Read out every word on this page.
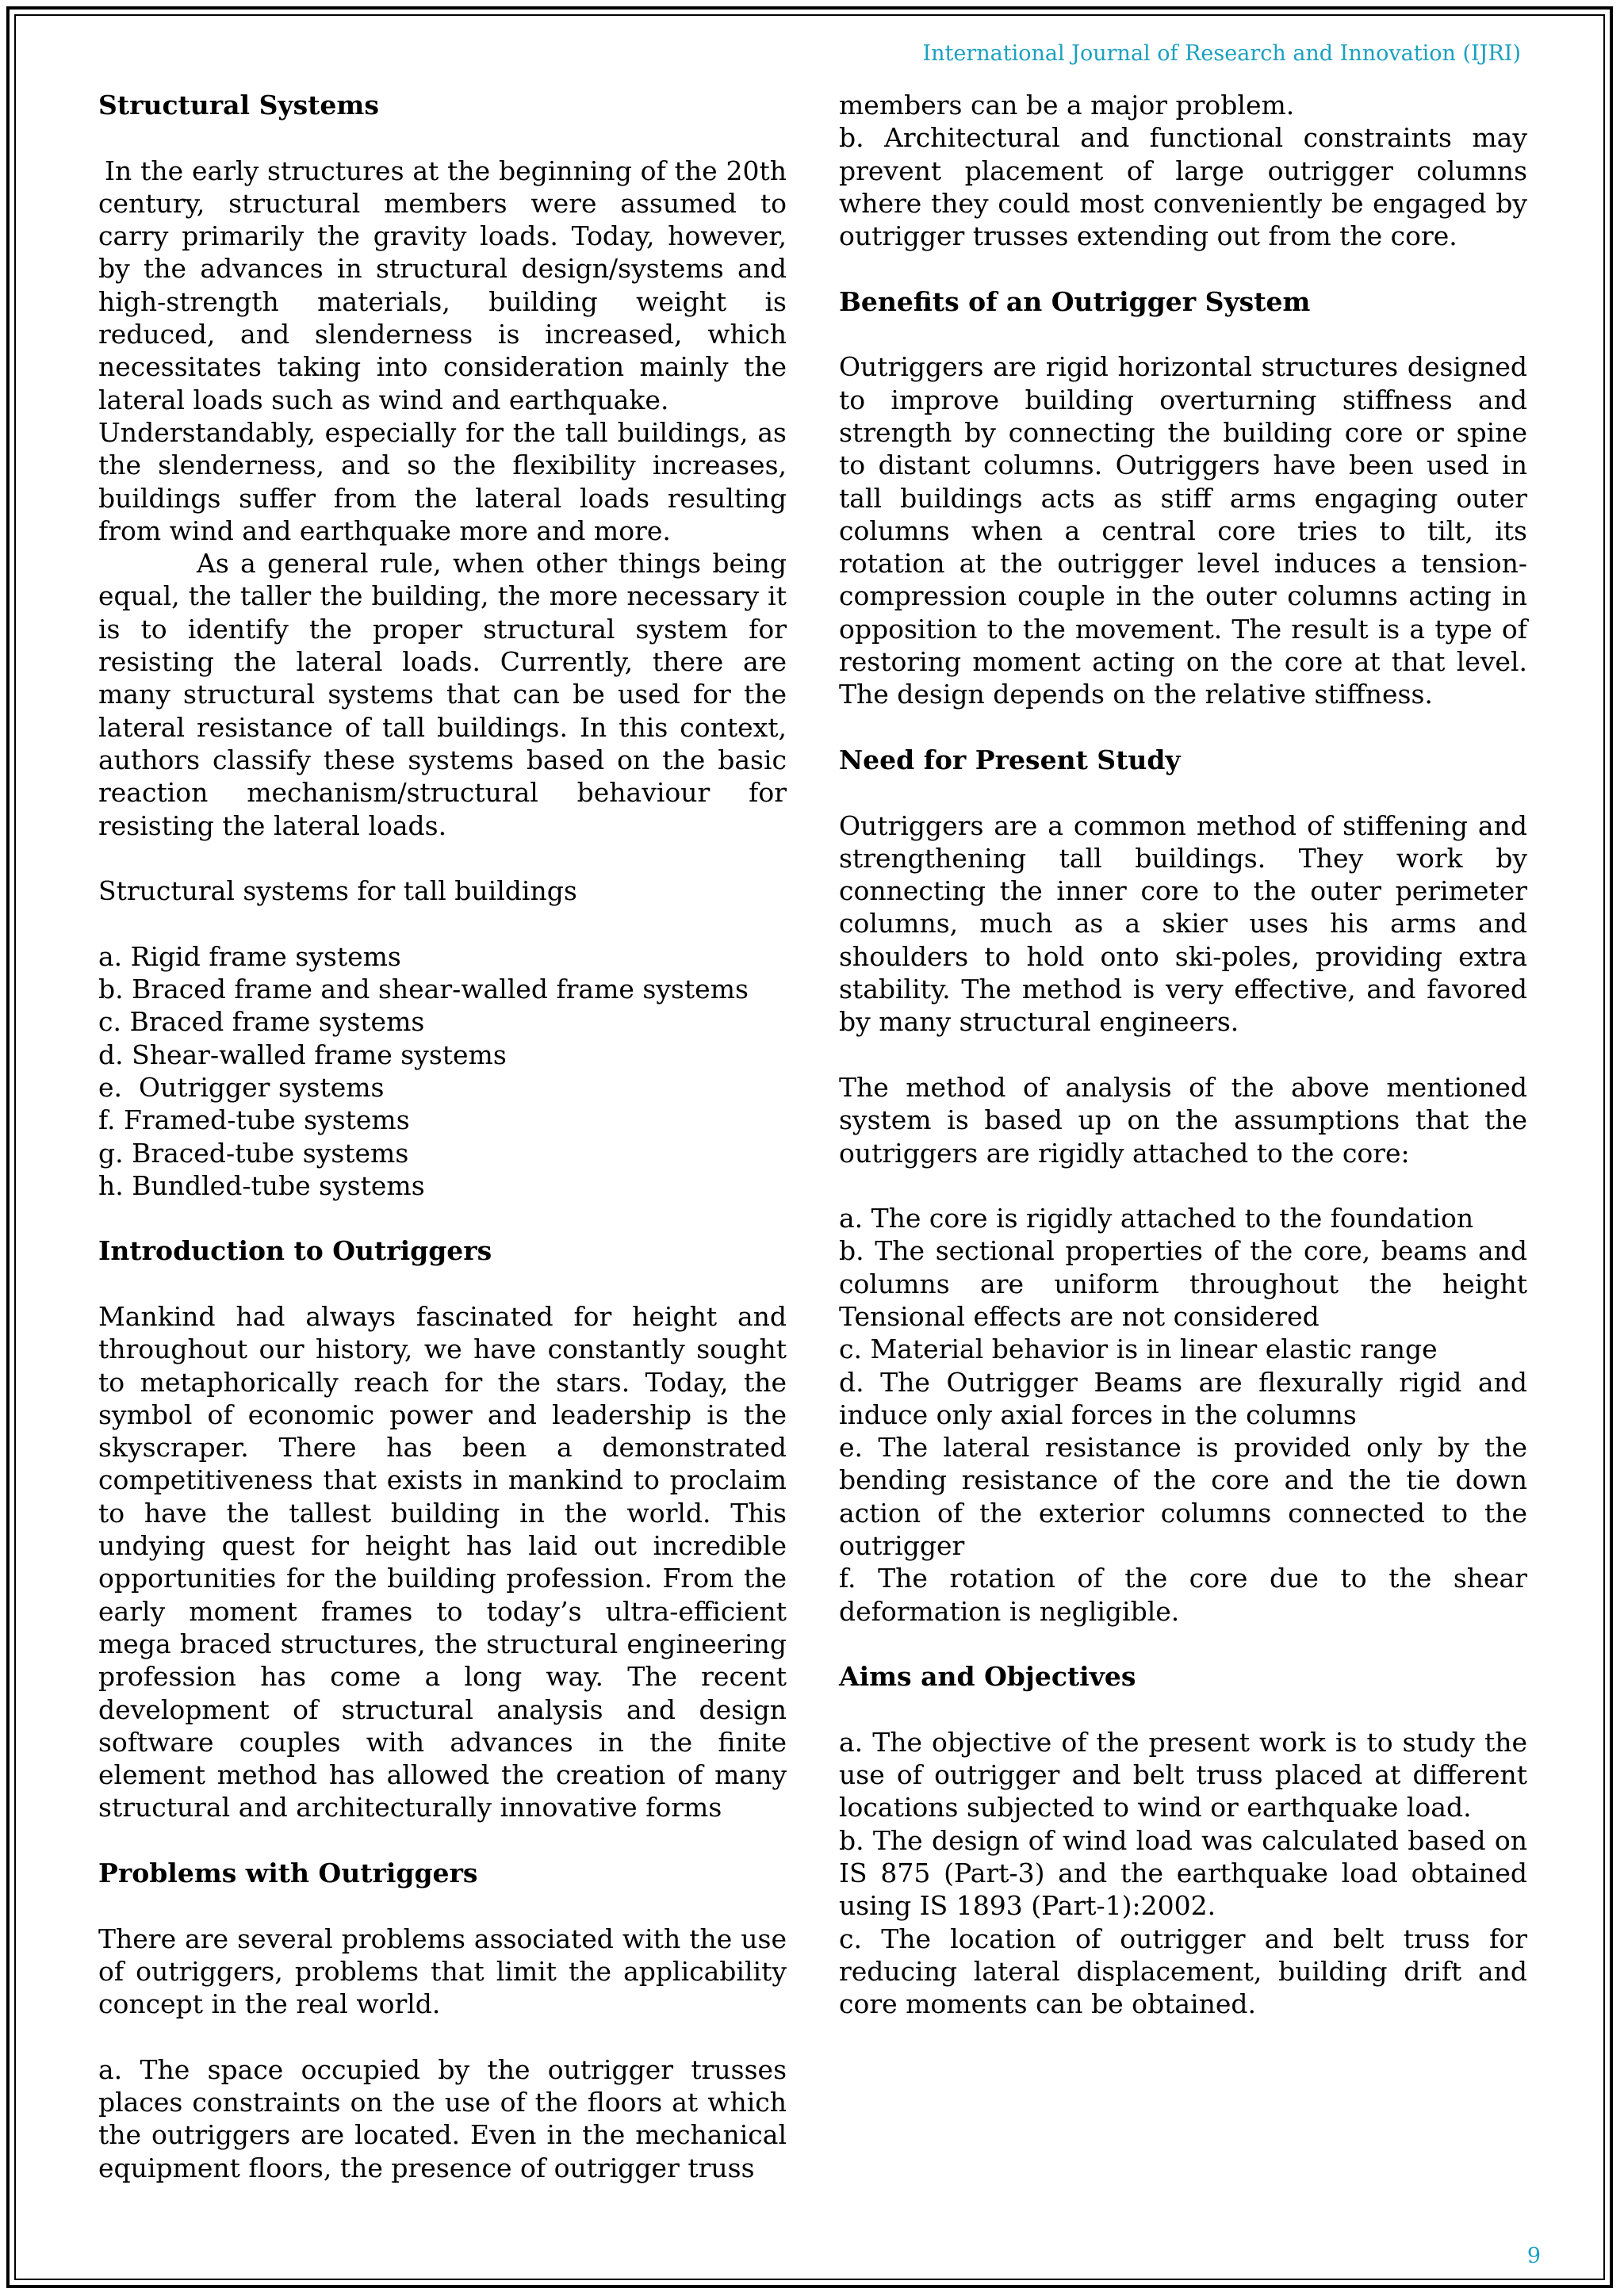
International Journal of Research and Innovation (IJRI)
Structural Systems

In the early structures at the beginning of the 20th century, structural members were assumed to carry primarily the gravity loads. Today, however, by the advances in structural design/systems and high-strength materials, building weight is reduced, and slenderness is increased, which necessitates taking into consideration mainly the lateral loads such as wind and earthquake.

Understandably, especially for the tall buildings, as the slenderness, and so the flexibility increases, buildings suffer from the lateral loads resulting from wind and earthquake more and more.

As a general rule, when other things being equal, the taller the building, the more necessary it is to identify the proper structural system for resisting the lateral loads. Currently, there are many structural systems that can be used for the lateral resistance of tall buildings. In this context, authors classify these systems based on the basic reaction mechanism/structural behaviour for resisting the lateral loads.

Structural systems for tall buildings

a. Rigid frame systems

b. Braced frame and shear-walled frame systems

c. Braced frame systems

d. Shear-walled frame systems

e.  Outrigger systems

f. Framed-tube systems

g. Braced-tube systems

h. Bundled-tube systems

Introduction to Outriggers

Mankind had always fascinated for height and throughout our history, we have constantly sought to metaphorically reach for the stars. Today, the symbol of economic power and leadership is the skyscraper. There has been a demonstrated competitiveness that exists in mankind to proclaim to have the tallest building in the world. This undying quest for height has laid out incredible opportunities for the building profession. From the early moment frames to today’s ultra-efficient mega braced structures, the structural engineering profession has come a long way. The recent development of structural analysis and design software couples with advances in the finite element method has allowed the creation of many structural and architecturally innovative forms

Problems with Outriggers

There are several problems associated with the use of outriggers, problems that limit the applicability concept in the real world.

a. The space occupied by the outrigger trusses places constraints on the use of the floors at which the outriggers are located. Even in the mechanical equipment floors, the presence of outrigger truss

members can be a major problem.

b. Architectural and functional constraints may prevent placement of large outrigger columns where they could most conveniently be engaged by outrigger trusses extending out from the core.

Benefits of an Outrigger System

Outriggers are rigid horizontal structures designed to improve building overturning stiffness and strength by connecting the building core or spine to distant columns. Outriggers have been used in tall buildings acts as stiff arms engaging outer columns when a central core tries to tilt, its rotation at the outrigger level induces a tension-compression couple in the outer columns acting in opposition to the movement. The result is a type of restoring moment acting on the core at that level. The design depends on the relative stiffness.

Need for Present Study

Outriggers are a common method of stiffening and strengthening tall buildings. They work by connecting the inner core to the outer perimeter columns, much as a skier uses his arms and shoulders to hold onto ski-poles, providing extra stability. The method is very effective, and favored by many structural engineers.

The method of analysis of the above mentioned system is based up on the assumptions that the outriggers are rigidly attached to the core:

a. The core is rigidly attached to the foundation

b. The sectional properties of the core, beams and columns are uniform throughout the height Tensional effects are not considered

c. Material behavior is in linear elastic range

d. The Outrigger Beams are flexurally rigid and induce only axial forces in the columns

e. The lateral resistance is provided only by the bending resistance of the core and the tie down action of the exterior columns connected to the outrigger

f. The rotation of the core due to the shear deformation is negligible.

Aims and Objectives

a. The objective of the present work is to study the use of outrigger and belt truss placed at different locations subjected to wind or earthquake load.

b. The design of wind load was calculated based on IS 875 (Part-3) and the earthquake load obtained using IS 1893 (Part-1):2002.

c. The location of outrigger and belt truss for reducing lateral displacement, building drift and core moments can be obtained.

9
